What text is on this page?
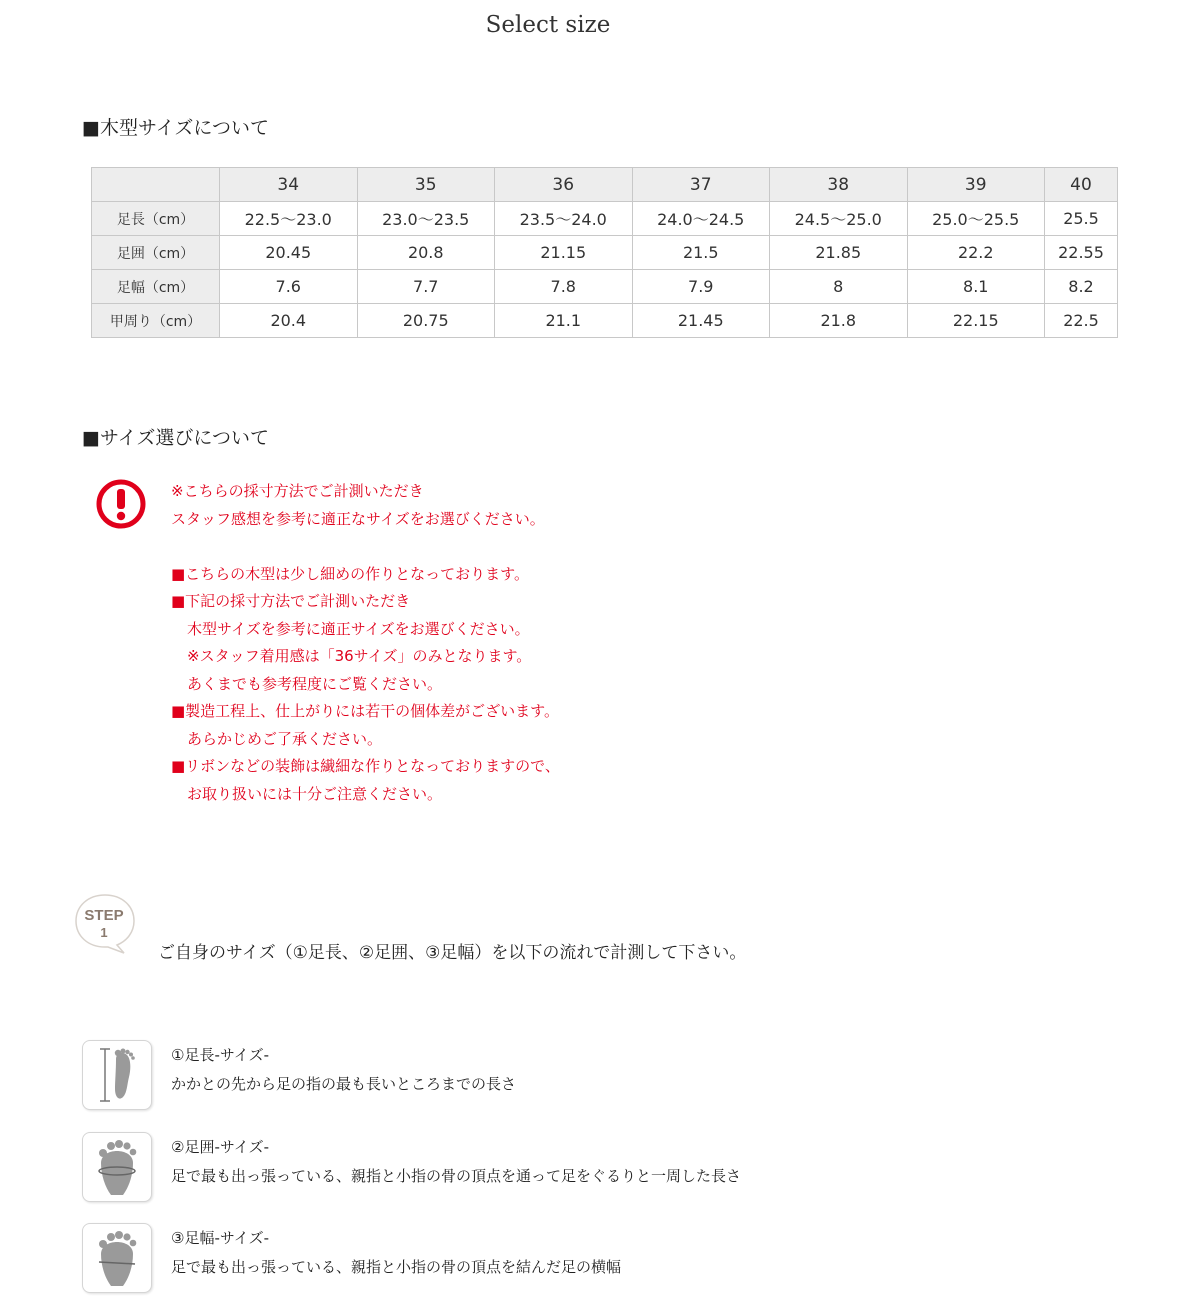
Select size
■木型サイズについて
	34	35	36	37	38	39	40
足長（cm）	22.5〜23.0	23.0〜23.5	23.5〜24.0	24.0〜24.5	24.5〜25.0	25.0〜25.5	25.5
足囲（cm）	20.45	20.8	21.15	21.5	21.85	22.2	22.55
足幅（cm）	7.6	7.7	7.8	7.9	8	8.1	8.2
甲周り（cm）	20.4	20.75	21.1	21.45	21.8	22.15	22.5
■サイズ選びについて
※こちらの採寸方法でご計測いただき
スタッフ感想を参考に適正なサイズをお選びください。
■こちらの木型は少し細めの作りとなっております。
■下記の採寸方法でご計測いただき
木型サイズを参考に適正サイズをお選びください。
※スタッフ着用感は「36サイズ」のみとなります。
あくまでも参考程度にご覧ください。
■製造工程上、仕上がりには若干の個体差がございます。
あらかじめご了承ください。
■リボンなどの装飾は繊細な作りとなっておりますので、
お取り扱いには十分ご注意ください。
STEP
1
ご自身のサイズ（①足長、②足囲、③足幅）を以下の流れで計測して下さい。
①足長-サイズ-
かかとの先から足の指の最も長いところまでの長さ
②足囲-サイズ-
足で最も出っ張っている、親指と小指の骨の頂点を通って足をぐるりと一周した長さ
③足幅-サイズ-
足で最も出っ張っている、親指と小指の骨の頂点を結んだ足の横幅
